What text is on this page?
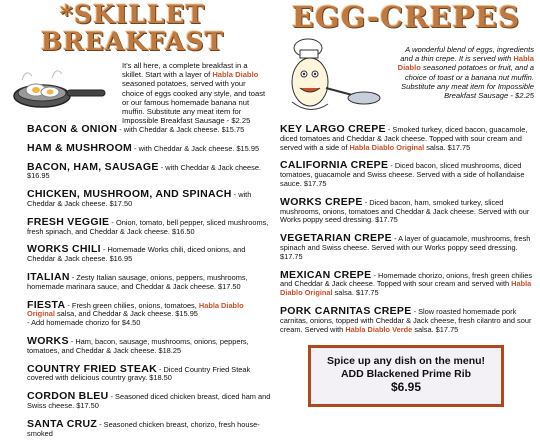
*SKILLET
BREAKFAST

It's all here, a complete breakfast in a skillet. Start with a layer of Habla Diablo seasoned potatoes, served with your choice of eggs cooked any style, and toast or our famous homemade banana nut muffin. Substitute any meat item for Impossible Breakfast Sausage - $2.25

BACON & ONION - with Cheddar & Jack cheese. $15.75
HAM & MUSHROOM - with Cheddar & Jack cheese. $15.95
BACON, HAM, SAUSAGE - with Cheddar & Jack cheese. $16.95
CHICKEN, MUSHROOM, AND SPINACH - with Cheddar & Jack cheese. $17.50
FRESH VEGGIE - Onion, tomato, bell pepper, sliced mushrooms, fresh spinach, and Cheddar & Jack cheese. $16.50
WORKS CHILI - Homemade Works chili, diced onions, and Cheddar & Jack cheese. $16.95
ITALIAN - Zesty Italian sausage, onions, peppers, mushrooms, homemade marinara sauce, and Cheddar & Jack cheese. $17.50
FIESTA - Fresh green chilies, onions, tomatoes, Habla Diablo Original salsa, and Cheddar & Jack cheese. $15.95
- Add homemade chorizo for $4.50
WORKS - Ham, bacon, sausage, mushrooms, onions, peppers, tomatoes, and Cheddar & Jack cheese. $18.25
COUNTRY FRIED STEAK - Diced Country Fried Steak covered with delicious country gravy. $18.50
CORDON BLEU - Seasoned diced chicken breast, diced ham and Swiss cheese. $17.50
SANTA CRUZ - Seasoned chicken breast, chorizo, fresh house- smoked
EGG-CREPES

A wonderful blend of eggs, ingredients and a thin crepe. It is served with Habla Diablo seasoned potatoes or fruit, and a choice of toast or a banana nut muffin. Substitute any meat item for Impossible Breakfast Sausage - $2.25

KEY LARGO CREPE - Smoked turkey, diced bacon, guacamole, diced tomatoes and Cheddar & Jack cheese. Topped with sour cream and served with a side of Habla Diablo Original salsa. $17.75
CALIFORNIA CREPE - Diced bacon, sliced mushrooms, diced tomatoes, guacamole and Swiss cheese. Served with a side of hollandaise sauce. $17.75
WORKS CREPE - Diced bacon, ham, smoked turkey, sliced mushrooms, onions, tomatoes and Cheddar & Jack cheese. Served with our Works poppy seed dressing. $17.75
VEGETARIAN CREPE - A layer of guacamole, mushrooms, fresh spinach and Swiss cheese. Served with our Works poppy seed dressing. $17.75
MEXICAN CREPE - Homemade chorizo, onions, fresh green chilies and Cheddar & Jack cheese. Topped with sour cream and served with Habla Diablo Original salsa. $17.75
PORK CARNITAS CREPE - Slow roasted homemade pork carnitas, onions, topped with Cheddar & Jack cheese, fresh cilantro and sour cream. Served with Habla Diablo Verde salsa. $17.75
Spice up any dish on the menu!
ADD Blackened Prime Rib
$6.95
